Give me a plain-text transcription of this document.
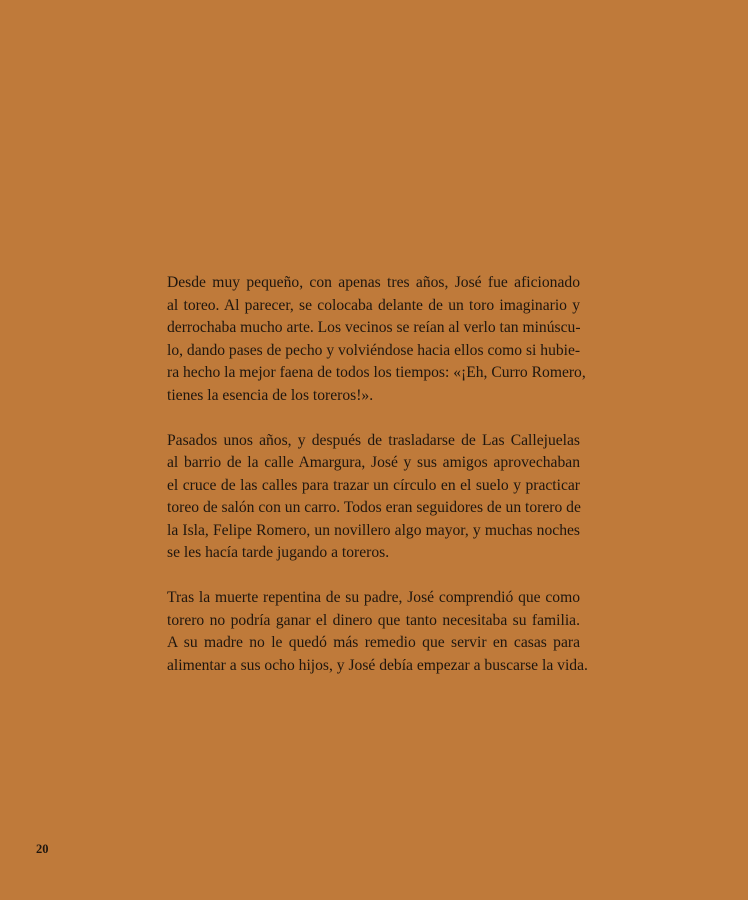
Desde muy pequeño, con apenas tres años, José fue aficionado
al toreo. Al parecer, se colocaba delante de un toro imaginario y
derrochaba mucho arte. Los vecinos se reían al verlo tan minúscu-
lo, dando pases de pecho y volviéndose hacia ellos como si hubie-
ra hecho la mejor faena de todos los tiempos: «¡Eh, Curro Romero,
tienes la esencia de los toreros!».
Pasados unos años, y después de trasladarse de Las Callejuelas
al barrio de la calle Amargura, José y sus amigos aprovechaban
el cruce de las calles para trazar un círculo en el suelo y practicar
toreo de salón con un carro. Todos eran seguidores de un torero de
la Isla, Felipe Romero, un novillero algo mayor, y muchas noches
se les hacía tarde jugando a toreros.
Tras la muerte repentina de su padre, José comprendió que como
torero no podría ganar el dinero que tanto necesitaba su familia.
A su madre no le quedó más remedio que servir en casas para
alimentar a sus ocho hijos, y José debía empezar a buscarse la vida.
20
